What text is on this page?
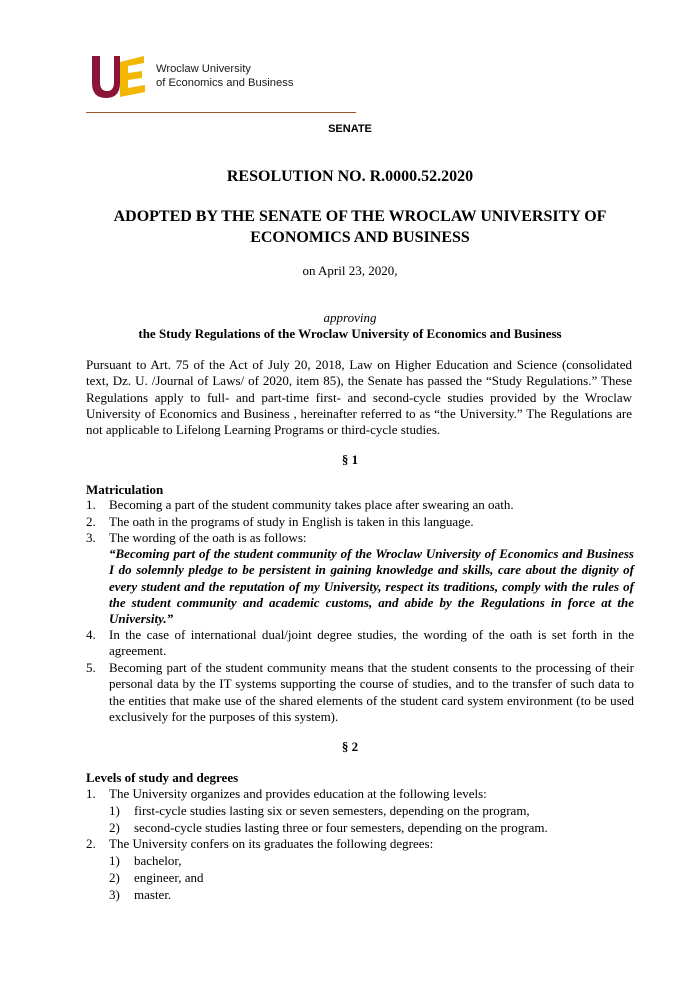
Wroclaw University
of Economics and Business
SENATE
RESOLUTION NO. R.0000.52.2020
ADOPTED BY THE SENATE OF THE WROCLAW UNIVERSITY OF ECONOMICS AND BUSINESS
on April 23, 2020,
approving
the Study Regulations of the Wroclaw University of Economics and Business
Pursuant to Art. 75 of the Act of July 20, 2018, Law on Higher Education and Science (consolidated text, Dz. U. /Journal of Laws/ of 2020, item 85), the Senate has passed the “Study Regulations.” These Regulations apply to full- and part-time first- and second-cycle studies provided by the Wroclaw University of Economics and Business , hereinafter referred to as “the University.” The Regulations are not applicable to Lifelong Learning Programs or third-cycle studies.
§ 1
Matriculation
1. Becoming a part of the student community takes place after swearing an oath.
2. The oath in the programs of study in English is taken in this language.
3. The wording of the oath is as follows:
“Becoming part of the student community of the Wroclaw University of Economics and Business I do solemnly pledge to be persistent in gaining knowledge and skills, care about the dignity of every student and the reputation of my University, respect its traditions, comply with the rules of the student community and academic customs, and abide by the Regulations in force at the University.”
4. In the case of international dual/joint degree studies, the wording of the oath is set forth in the agreement.
5. Becoming part of the student community means that the student consents to the processing of their personal data by the IT systems supporting the course of studies, and to the transfer of such data to the entities that make use of the shared elements of the student card system environment (to be used exclusively for the purposes of this system).
§ 2
Levels of study and degrees
1. The University organizes and provides education at the following levels:
1) first-cycle studies lasting six or seven semesters, depending on the program,
2) second-cycle studies lasting three or four semesters, depending on the program.
2. The University confers on its graduates the following degrees:
1) bachelor,
2) engineer, and
3) master.
